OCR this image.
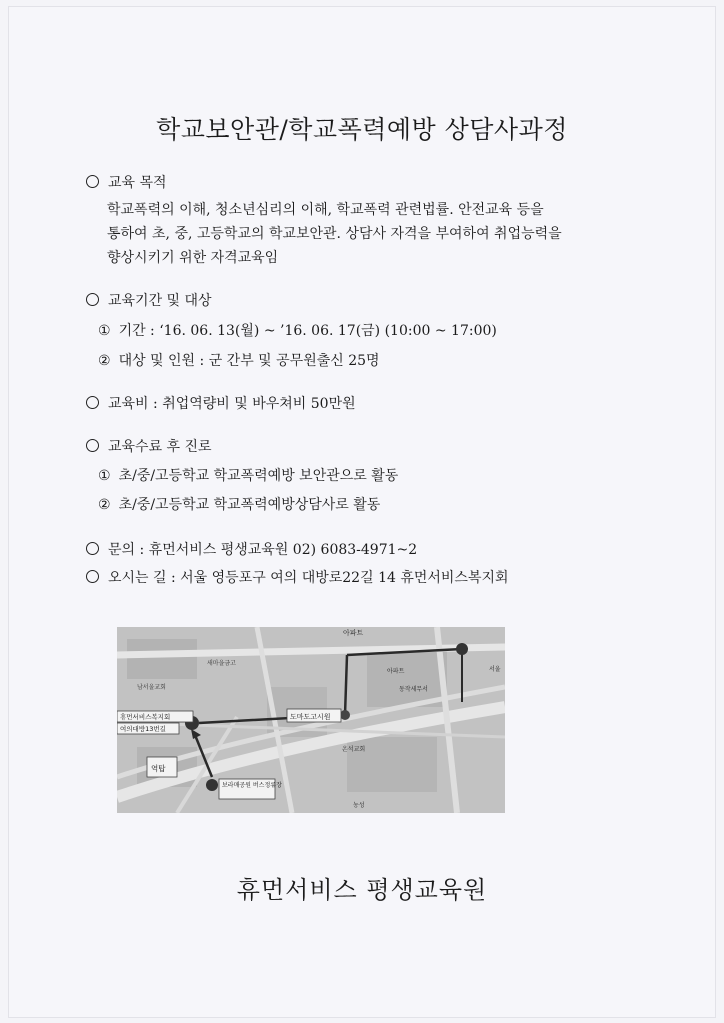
학교보안관/학교폭력예방 상담사과정
교육 목적
학교폭력의 이해, 청소년심리의 이해, 학교폭력 관련법률. 안전교육 등을
통하여 초, 중, 고등학교의 학교보안관. 상담사 자격을 부여하여 취업능력을
향상시키기 위한 자격교육임
교육기간 및 대상
① 기간 : ‘16. 06. 13(월) ~ ’16. 06. 17(금) (10:00 ~ 17:00)
② 대상 및 인원 : 군 간부 및 공무원출신 25명
교육비 : 취업역량비 및 바우쳐비 50만원
교육수료 후 진로
① 초/중/고등학교 학교폭력예방 보안관으로 활동
② 초/중/고등학교 학교폭력예방상담사로 활동
문의 : 휴먼서비스 평생교육원 02) 6083-4971~2
오시는 길 : 서울 영등포구 여의 대방로22길 14 휴먼서비스복지회
아파트
새마을금고
남서울교회
휴먼서비스복지회
여의대방13번길
도마도고시원
역탑
보라매공원 버스정류장
동작세무서
아파트
온석교회
농성
서울
휴먼서비스 평생교육원
